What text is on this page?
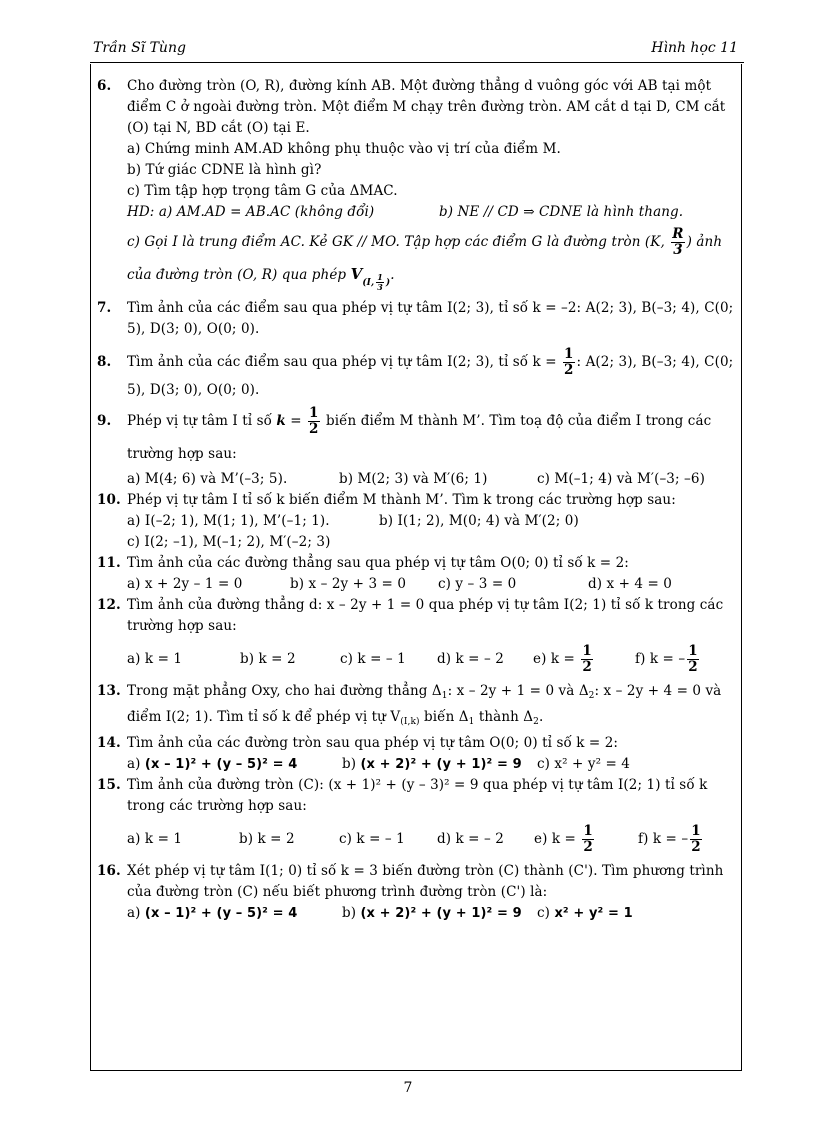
Trần Sĩ Tùng	Hình học 11
6. Cho đường tròn (O, R), đường kính AB. Một đường thẳng d vuông góc với AB tại một điểm C ở ngoài đường tròn. Một điểm M chạy trên đường tròn. AM cắt d tại D, CM cắt (O) tại N, BD cắt (O) tại E.
a) Chứng minh AM.AD không phụ thuộc vào vị trí của điểm M.
b) Tứ giác CDNE là hình gì?
c) Tìm tập hợp trọng tâm G của ΔMAC.
HD: a) AM.AD = AB.AC (không đổi)	b) NE // CD ⇒ CDNE là hình thang.
c) Gọi I là trung điểm AC. Kẻ GK // MO. Tập hợp các điểm G là đường tròn (K, $\frac{R}{3}$ ) ảnh
của đường tròn (O, R) qua phép $V_{(I, \frac{1}{3} )}$.
7. Tìm ảnh của các điểm sau qua phép vị tự tâm I(2; 3), tỉ số k = –2: A(2; 3), B(–3; 4), C(0;
5), D(3; 0), O(0; 0).
8. Tìm ảnh của các điểm sau qua phép vị tự tâm I(2; 3), tỉ số $k = \frac{1}{2}$ : A(2; 3), B(–3; 4), C(0;
5), D(3; 0), O(0; 0).
9. Phép vị tự tâm I tỉ số $k = \frac{1}{2}$ biến điểm M thành M’. Tìm toạ độ của điểm I trong các
trường hợp sau:
a) M(4; 6) và M’(–3; 5).	b) M(2; 3) và M′(6; 1)	c) M(–1; 4) và M′(–3; –6)
10. Phép vị tự tâm I tỉ số k biến điểm M thành M’. Tìm k trong các trường hợp sau:
a) I(–2; 1), M(1; 1), M’(–1; 1).	b) I(1; 2), M(0; 4) và M′(2; 0)
c) I(2; –1), M(–1; 2), M′(–2; 3)
11. Tìm ảnh của các đường thẳng sau qua phép vị tự tâm O(0; 0) tỉ số k = 2:
a) x + 2y – 1 = 0	b) x – 2y + 3 = 0	c) y – 3 = 0	d) x + 4 = 0
12. Tìm ảnh của đường thẳng d: x – 2y + 1 = 0 qua phép vị tự tâm I(2; 1) tỉ số k trong các trường hợp sau:
a) k = 1	b) k = 2	c) k = – 1	d) k = – 2	e) $k = \frac{1}{2}$	f) k = – $\frac{1}{2}$
13. Trong mặt phẳng Oxy, cho hai đường thẳng $\Delta_1$: x – 2y + 1 = 0 và $\Delta_2$: x – 2y + 4 = 0 và
điểm I(2; 1). Tìm tỉ số k để phép vị tự $V_{(I,k)}$ biến $\Delta_1$ thành $\Delta_2$.
14. Tìm ảnh của các đường tròn sau qua phép vị tự tâm O(0; 0) tỉ số k = 2:
a) (x – 1)² + (y – 5)² = 4	b) (x + 2)² + (y + 1)² = 9	c) x² + y² = 4
15. Tìm ảnh của đường tròn (C): (x + 1)² + (y – 3)² = 9 qua phép vị tự tâm I(2; 1) tỉ số k trong các trường hợp sau:
a) k = 1	b) k = 2	c) k = – 1	d) k = – 2	e) $k = \frac{1}{2}$	f) k = – $\frac{1}{2}$
16. Xét phép vị tự tâm I(1; 0) tỉ số k = 3 biến đường tròn (C) thành (C'). Tìm phương trình của đường tròn (C) nếu biết phương trình đường tròn (C') là:
a) (x – 1)² + (y – 5)² = 4	b) (x + 2)² + (y + 1)² = 9	c) x² + y² = 1
7
